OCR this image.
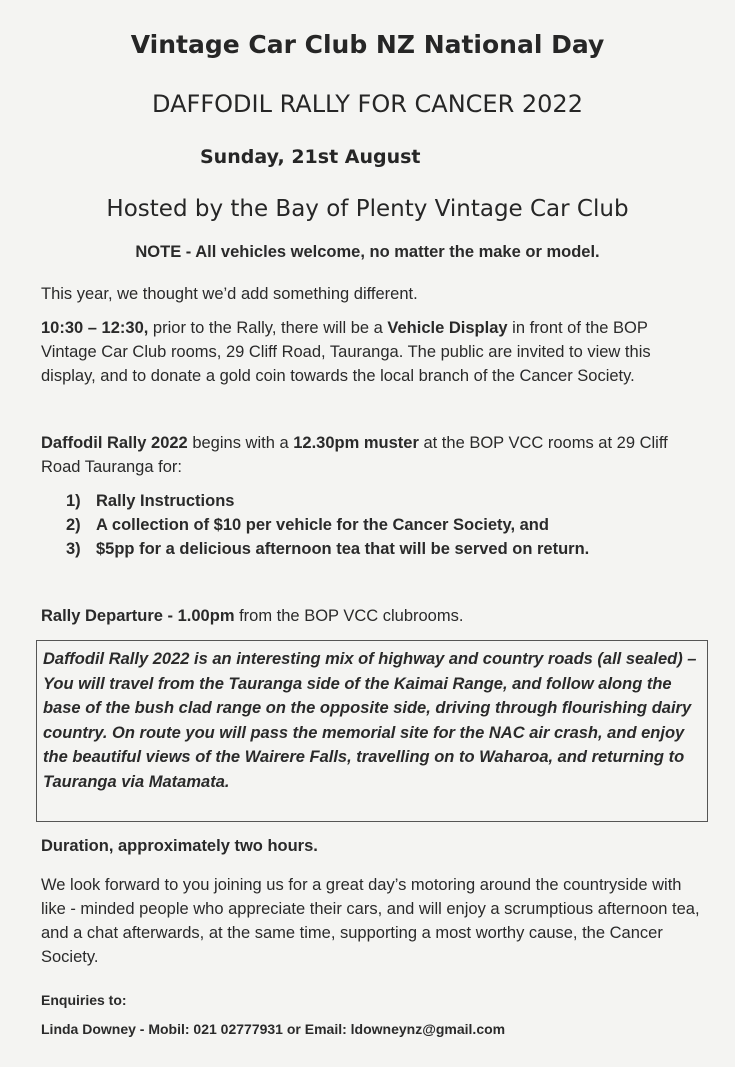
Vintage Car Club NZ National Day
DAFFODIL RALLY FOR CANCER 2022
Sunday, 21st August
Hosted by the Bay of Plenty Vintage Car Club
NOTE - All vehicles welcome, no matter the make or model.
This year, we thought we’d add something different.
10:30 – 12:30, prior to the Rally, there will be a Vehicle Display in front of the BOP Vintage Car Club rooms, 29 Cliff Road, Tauranga. The public are invited to view this display, and to donate a gold coin towards the local branch of the Cancer Society.
Daffodil Rally 2022 begins with a 12.30pm muster at the BOP VCC rooms at 29 Cliff Road Tauranga for:
1) Rally Instructions
2) A collection of $10 per vehicle for the Cancer Society, and
3) $5pp for a delicious afternoon tea that will be served on return.
Rally Departure - 1.00pm from the BOP VCC clubrooms.
Daffodil Rally 2022 is an interesting mix of highway and country roads (all sealed) – You will travel from the Tauranga side of the Kaimai Range, and follow along the base of the bush clad range on the opposite side, driving through flourishing dairy country. On route you will pass the memorial site for the NAC air crash, and enjoy the beautiful views of the Wairere Falls, travelling on to Waharoa, and returning to Tauranga via Matamata.
Duration, approximately two hours.
We look forward to you joining us for a great day’s motoring around the countryside with like - minded people who appreciate their cars, and will enjoy a scrumptious afternoon tea, and a chat afterwards, at the same time, supporting a most worthy cause, the Cancer Society.
Enquiries to:
Linda Downey - Mobil: 021 02777931 or Email: ldowneynz@gmail.com
